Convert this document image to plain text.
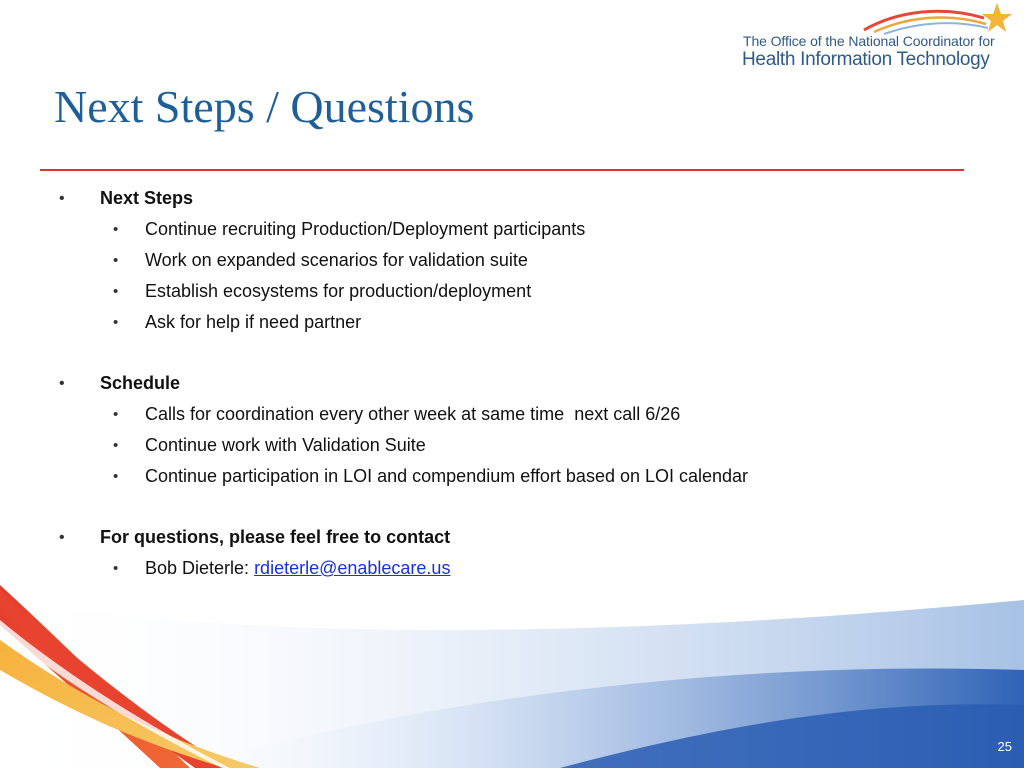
The Office of the National Coordinator for
Health Information Technology
Next Steps / Questions
• Next Steps
• Continue recruiting Production/Deployment participants
• Work on expanded scenarios for validation suite
• Establish ecosystems for production/deployment
• Ask for help if need partner
• Schedule
• Calls for coordination every other week at same time  next call 6/26
• Continue work with Validation Suite
• Continue participation in LOI and compendium effort based on LOI calendar
• For questions, please feel free to contact
• Bob Dieterle: rdieterle@enablecare.us
25
